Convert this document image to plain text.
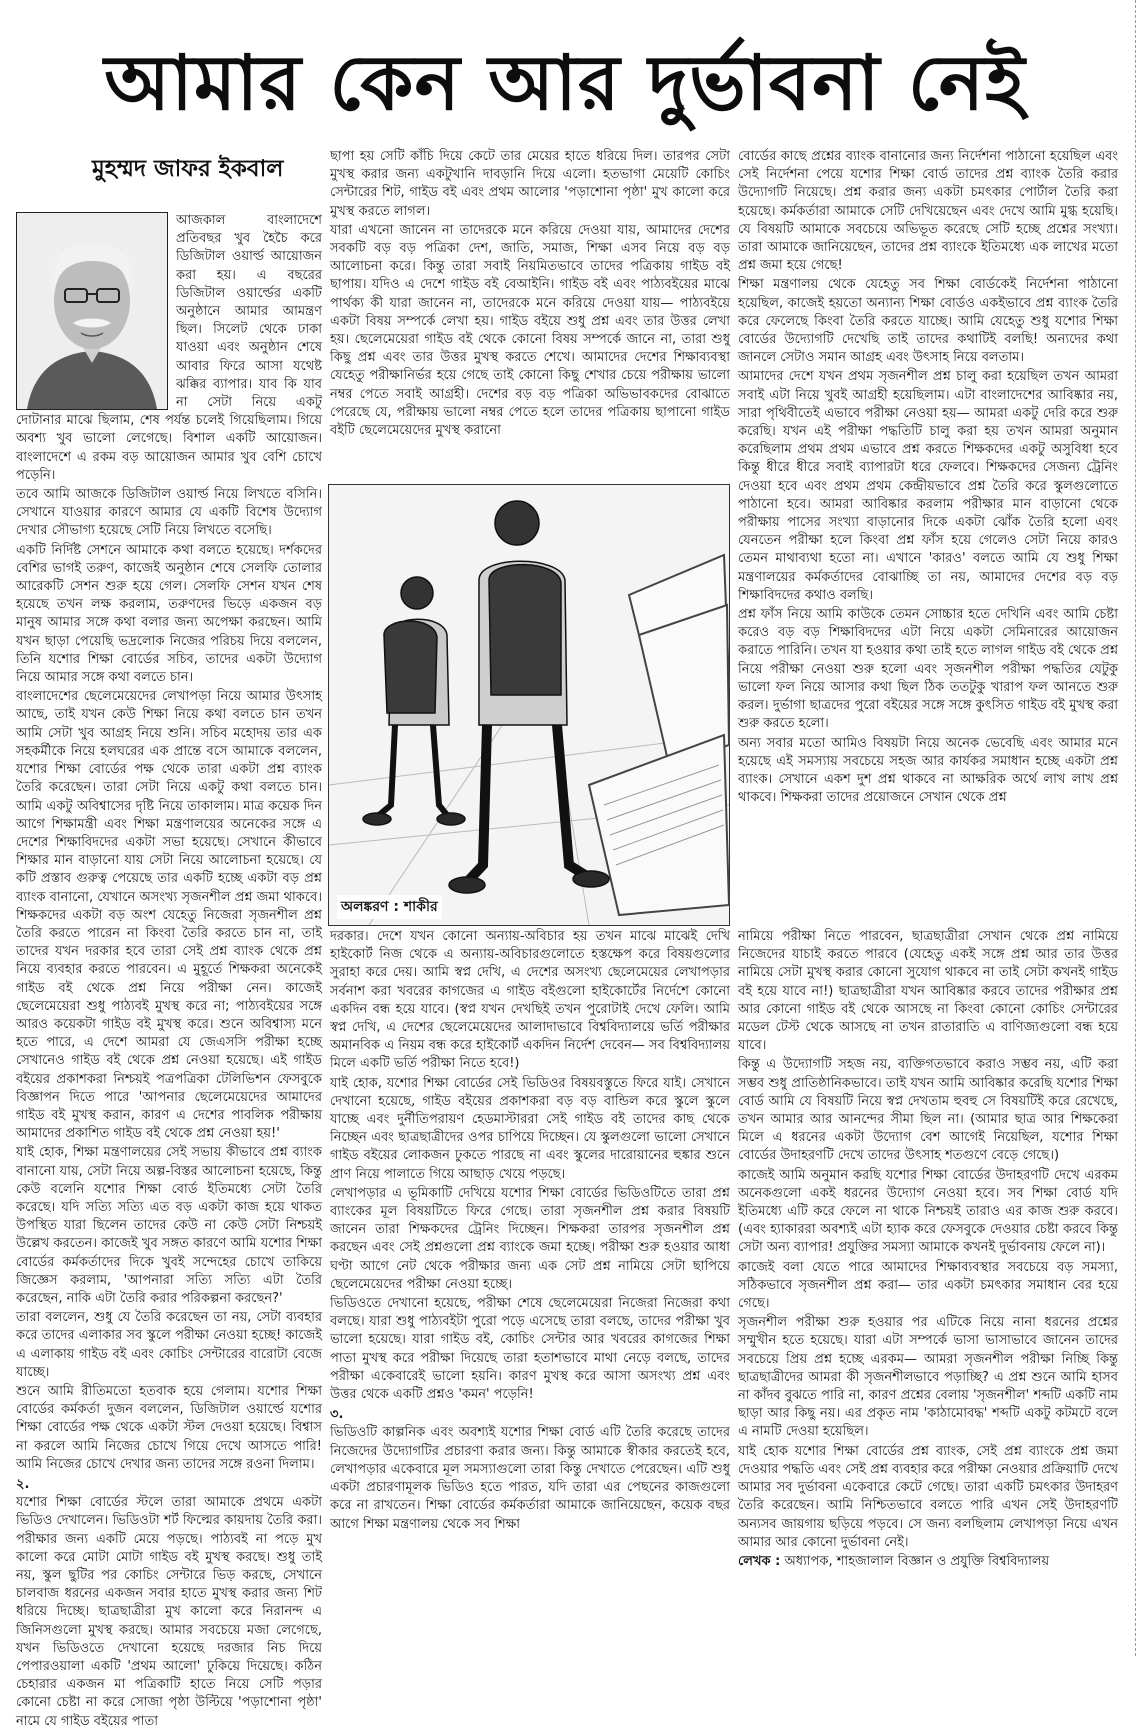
আমার কেন আর দুর্ভাবনা নেই
মুহম্মদ জাফর ইকবাল

আজকাল বাংলাদেশে প্রতিবছর খুব হৈচৈ করে ডিজিটাল ওয়ার্ল্ড আয়োজন করা হয়। এ বছরের ডিজিটাল ওয়ার্ল্ডের একটি অনুষ্ঠানে আমার আমন্ত্রণ ছিল। সিলেট থেকে ঢাকা যাওয়া এবং অনুষ্ঠান শেষে আবার ফিরে আসা যথেষ্ট ঝক্কির ব্যাপার। যাব কি যাব না সেটা নিয়ে একটু দোটানার মাঝে ছিলাম, শেষ পর্যন্ত চলেই গিয়েছিলাম। গিয়ে অবশ্য খুব ভালো লেগেছে। বিশাল একটি আয়োজন। বাংলাদেশে এ রকম বড় আয়োজন আমার খুব বেশি চোখে পড়েনি।

তবে আমি আজকে ডিজিটাল ওয়ার্ল্ড নিয়ে লিখতে বসিনি। সেখানে যাওয়ার কারণে আমার যে একটি বিশেষ উদ্যোগ দেখার সৌভাগ্য হয়েছে সেটি নিয়ে লিখতে বসেছি।

একটি নির্দিষ্ট সেশনে আমাকে কথা বলতে হয়েছে। দর্শকদের বেশির ভাগই তরুণ, কাজেই অনুষ্ঠান শেষে সেলফি তোলার আরেকটি সেশন শুরু হয়ে গেল। সেলফি সেশন যখন শেষ হয়েছে তখন লক্ষ করলাম, তরুণদের ভিড়ে একজন বড় মানুষ আমার সঙ্গে কথা বলার জন্য অপেক্ষা করছেন। আমি যখন ছাড়া পেয়েছি ভদ্রলোক নিজের পরিচয় দিয়ে বললেন, তিনি যশোর শিক্ষা বোর্ডের সচিব, তাদের একটা উদ্যোগ নিয়ে আমার সঙ্গে কথা বলতে চান।

বাংলাদেশের ছেলেমেয়েদের লেখাপড়া নিয়ে আমার উৎসাহ আছে, তাই যখন কেউ শিক্ষা নিয়ে কথা বলতে চান তখন আমি সেটা খুব আগ্রহ নিয়ে শুনি। সচিব মহোদয় তার এক সহকর্মীকে নিয়ে হলঘরের এক প্রান্তে বসে আমাকে বললেন, যশোর শিক্ষা বোর্ডের পক্ষ থেকে তারা একটা প্রশ্ন ব্যাংক তৈরি করেছেন। তারা সেটা নিয়ে একটু কথা বলতে চান। আমি একটু অবিশ্বাসের দৃষ্টি নিয়ে তাকালাম। মাত্র কয়েক দিন আগে শিক্ষামন্ত্রী এবং শিক্ষা মন্ত্রণালয়ের অনেকের সঙ্গে এ দেশের শিক্ষাবিদদের একটা সভা হয়েছে। সেখানে কীভাবে শিক্ষার মান বাড়ানো যায় সেটা নিয়ে আলোচনা হয়েছে। যে কটি প্রস্তাব গুরুত্ব পেয়েছে তার একটি হচ্ছে একটা বড় প্রশ্ন ব্যাংক বানানো, যেখানে অসংখ্য সৃজনশীল প্রশ্ন জমা থাকবে। শিক্ষকদের একটা বড় অংশ যেহেতু নিজেরা সৃজনশীল প্রশ্ন তৈরি করতে পারেন না কিংবা তৈরি করতে চান না, তাই তাদের যখন দরকার হবে তারা সেই প্রশ্ন ব্যাংক থেকে প্রশ্ন নিয়ে ব্যবহার করতে পারবেন। এ মুহূর্তে শিক্ষকরা অনেকেই গাইড বই থেকে প্রশ্ন নিয়ে পরীক্ষা নেন। কাজেই ছেলেমেয়েরা শুধু পাঠ্যবই মুখস্থ করে না; পাঠ্যবইয়ের সঙ্গে আরও কয়েকটা গাইড বই মুখস্থ করে। শুনে অবিশ্বাস্য মনে হতে পারে, এ দেশে আমরা যে জেএসসি পরীক্ষা হচ্ছে সেখানেও গাইড বই থেকে প্রশ্ন নেওয়া হয়েছে। এই গাইড বইয়ের প্রকাশকরা নিশ্চয়ই পত্রপত্রিকা টেলিভিশন ফেসবুকে বিজ্ঞাপন দিতে পারে 'আপনার ছেলেমেয়েদের আমাদের গাইড বই মুখস্থ করান, কারণ এ দেশের পাবলিক পরীক্ষায় আমাদের প্রকাশিত গাইড বই থেকে প্রশ্ন নেওয়া হয়!'

যাই হোক, শিক্ষা মন্ত্রণালয়ের সেই সভায় কীভাবে প্রশ্ন ব্যাংক বানানো যায়, সেটা নিয়ে অল্প-বিস্তর আলোচনা হয়েছে, কিন্তু কেউ বলেনি যশোর শিক্ষা বোর্ড ইতিমধ্যে সেটা তৈরি করেছে। যদি সত্যি সত্যি এত বড় একটা কাজ হয়ে থাকত উপস্থিত যারা ছিলেন তাদের কেউ না কেউ সেটা নিশ্চয়ই উল্লেখ করতেন। কাজেই খুব সঙ্গত কারণে আমি যশোর শিক্ষা বোর্ডের কর্মকর্তাদের দিকে খুবই সন্দেহের চোখে তাকিয়ে জিজ্ঞেস করলাম, 'আপনারা সত্যি সত্যি এটা তৈরি করেছেন, নাকি এটা তৈরি করার পরিকল্পনা করছেন?'

তারা বললেন, শুধু যে তৈরি করেছেন তা নয়, সেটা ব্যবহার করে তাদের এলাকার সব স্কুলে পরীক্ষা নেওয়া হচ্ছে! কাজেই এ এলাকায় গাইড বই এবং কোচিং সেন্টারের বারোটা বেজে যাচ্ছে।

শুনে আমি রীতিমতো হতবাক হয়ে গেলাম। যশোর শিক্ষা বোর্ডের কর্মকর্তা দুজন বললেন, ডিজিটাল ওয়ার্ল্ডে যশোর শিক্ষা বোর্ডের পক্ষ থেকে একটা স্টল দেওয়া হয়েছে। বিশ্বাস না করলে আমি নিজের চোখে গিয়ে দেখে আসতে পারি! আমি নিজের চোখে দেখার জন্য তাদের সঙ্গে রওনা দিলাম।

২.

যশোর শিক্ষা বোর্ডের স্টলে তারা আমাকে প্রথমে একটা ভিডিও দেখালেন। ভিডিওটা শর্ট ফিল্মের কায়দায় তৈরি করা। পরীক্ষার জন্য একটি মেয়ে পড়ছে। পাঠ্যবই না পড়ে মুখ কালো করে মোটা মোটা গাইড বই মুখস্থ করছে। শুধু তাই নয়, স্কুল ছুটির পর কোচিং সেন্টারে ভিড় করছে, সেখানে চালবাজ ধরনের একজন সবার হাতে মুখস্থ করার জন্য শিট ধরিয়ে দিচ্ছে। ছাত্রছাত্রীরা মুখ কালো করে নিরানন্দ এ জিনিসগুলো মুখস্থ করছে। আমার সবচেয়ে মজা লেগেছে, যখন ভিডিওতে দেখানো হয়েছে দরজার নিচ দিয়ে পেপারওয়ালা একটি 'প্রথম আলো' ঢুকিয়ে দিয়েছে। কঠিন চেহারার একজন মা পত্রিকাটি হাতে নিয়ে সেটি পড়ার কোনো চেষ্টা না করে সোজা পৃষ্ঠা উল্টিয়ে 'পড়াশোনা পৃষ্ঠা' নামে যে গাইড বইয়ের পাতা

ছাপা হয় সেটি কাঁচি দিয়ে কেটে তার মেয়ের হাতে ধরিয়ে দিল। তারপর সেটা মুখস্থ করার জন্য একটুখানি দাবড়ানি দিয়ে এলো। হতভাগা মেয়েটি কোচিং সেন্টারের শিট, গাইড বই এবং প্রথম আলোর 'পড়াশোনা পৃষ্ঠা' মুখ কালো করে মুখস্থ করতে লাগল।

যারা এখনো জানেন না তাদেরকে মনে করিয়ে দেওয়া যায়, আমাদের দেশের সবকটি বড় বড় পত্রিকা দেশ, জাতি, সমাজ, শিক্ষা এসব নিয়ে বড় বড় আলোচনা করে। কিন্তু তারা সবাই নিয়মিতভাবে তাদের পত্রিকায় গাইড বই ছাপায়। যদিও এ দেশে গাইড বই বেআইনি। গাইড বই এবং পাঠ্যবইয়ের মাঝে পার্থক্য কী যারা জানেন না, তাদেরকে মনে করিয়ে দেওয়া যায়— পাঠ্যবইয়ে একটা বিষয় সম্পর্কে লেখা হয়। গাইড বইয়ে শুধু প্রশ্ন এবং তার উত্তর লেখা হয়। ছেলেমেয়েরা গাইড বই থেকে কোনো বিষয় সম্পর্কে জানে না, তারা শুধু কিছু প্রশ্ন এবং তার উত্তর মুখস্থ করতে শেখে। আমাদের দেশের শিক্ষাব্যবস্থা যেহেতু পরীক্ষানির্ভর হয়ে গেছে তাই কোনো কিছু শেখার চেয়ে পরীক্ষায় ভালো নম্বর পেতে সবাই আগ্রহী। দেশের বড় বড় পত্রিকা অভিভাবকদের বোঝাতে পেরেছে যে, পরীক্ষায় ভালো নম্বর পেতে হলে তাদের পত্রিকায় ছাপানো গাইড বইটি ছেলেমেয়েদের মুখস্থ করানো

অলঙ্করণ : শাকীর

দরকার। দেশে যখন কোনো অন্যায়-অবিচার হয় তখন মাঝে মাঝেই দেখি হাইকোর্ট নিজ থেকে এ অন্যায়-অবিচারগুলোতে হস্তক্ষেপ করে বিষয়গুলোর সুরাহা করে দেয়। আমি স্বপ্ন দেখি, এ দেশের অসংখ্য ছেলেমেয়ের লেখাপড়ার সর্বনাশ করা খবরের কাগজের এ গাইড বইগুলো হাইকোর্টের নির্দেশে কোনো একদিন বন্ধ হয়ে যাবে। (স্বপ্ন যখন দেখছিই তখন পুরোটাই দেখে ফেলি। আমি স্বপ্ন দেখি, এ দেশের ছেলেমেয়েদের আলাদাভাবে বিশ্ববিদ্যালয়ে ভর্তি পরীক্ষার অমানবিক এ নিয়ম বন্ধ করে হাইকোর্ট একদিন নির্দেশ দেবেন— সব বিশ্ববিদ্যালয় মিলে একটি ভর্তি পরীক্ষা নিতে হবে!)

যাই হোক, যশোর শিক্ষা বোর্ডের সেই ভিডিওর বিষয়বস্তুতে ফিরে যাই। সেখানে দেখানো হয়েছে, গাইড বইয়ের প্রকাশকরা বড় বড় বান্ডিল করে স্কুলে স্কুলে যাচ্ছে এবং দুর্নীতিপরায়ণ হেডমাস্টাররা সেই গাইড বই তাদের কাছ থেকে নিচ্ছেন এবং ছাত্রছাত্রীদের ওপর চাপিয়ে দিচ্ছেন। যে স্কুলগুলো ভালো সেখানে গাইড বইয়ের লোকজন ঢুকতে পারছে না এবং স্কুলের দারোয়ানের হুঙ্কার শুনে প্রাণ নিয়ে পালাতে গিয়ে আছাড় খেয়ে পড়ছে।

লেখাপড়ার এ ভূমিকাটি দেখিয়ে যশোর শিক্ষা বোর্ডের ভিডিওটিতে তারা প্রশ্ন ব্যাংকের মূল বিষয়টিতে ফিরে গেছে। তারা সৃজনশীল প্রশ্ন করার বিষয়টি জানেন তারা শিক্ষকদের ট্রেনিং দিচ্ছেন। শিক্ষকরা তারপর সৃজনশীল প্রশ্ন করছেন এবং সেই প্রশ্নগুলো প্রশ্ন ব্যাংকে জমা হচ্ছে। পরীক্ষা শুরু হওয়ার আধা ঘণ্টা আগে নেট থেকে পরীক্ষার জন্য এক সেট প্রশ্ন নামিয়ে সেটা ছাপিয়ে ছেলেমেয়েদের পরীক্ষা নেওয়া হচ্ছে।

ভিডিওতে দেখানো হয়েছে, পরীক্ষা শেষে ছেলেমেয়েরা নিজেরা নিজেরা কথা বলছে। যারা শুধু পাঠ্যবইটা পুরো পড়ে এসেছে তারা বলছে, তাদের পরীক্ষা খুব ভালো হয়েছে। যারা গাইড বই, কোচিং সেন্টার আর খবরের কাগজের শিক্ষা পাতা মুখস্থ করে পরীক্ষা দিয়েছে তারা হতাশভাবে মাথা নেড়ে বলছে, তাদের পরীক্ষা একেবারেই ভালো হয়নি। কারণ মুখস্থ করে আসা অসংখ্য প্রশ্ন এবং উত্তর থেকে একটি প্রশ্নও 'কমন' পড়েনি!

৩.

ভিডিওটি কাল্পনিক এবং অবশ্যই যশোর শিক্ষা বোর্ড এটি তৈরি করেছে তাদের নিজেদের উদ্যোগটির প্রচারণা করার জন্য। কিন্তু আমাকে স্বীকার করতেই হবে, লেখাপড়ার একেবারে মূল সমস্যাগুলো তারা কিন্তু দেখাতে পেরেছেন। এটি শুধু একটা প্রচারণামূলক ভিডিও হতে পারত, যদি তারা এর পেছনের কাজগুলো করে না রাখতেন। শিক্ষা বোর্ডের কর্মকর্তারা আমাকে জানিয়েছেন, কয়েক বছর আগে শিক্ষা মন্ত্রণালয় থেকে সব শিক্ষা

বোর্ডের কাছে প্রশ্নের ব্যাংক বানানোর জন্য নির্দেশনা পাঠানো হয়েছিল এবং সেই নির্দেশনা পেয়ে যশোর শিক্ষা বোর্ড তাদের প্রশ্ন ব্যাংক তৈরি করার উদ্যোগটি নিয়েছে। প্রশ্ন করার জন্য একটা চমৎকার পোর্টাল তৈরি করা হয়েছে। কর্মকর্তারা আমাকে সেটি দেখিয়েছেন এবং দেখে আমি মুগ্ধ হয়েছি। যে বিষয়টি আমাকে সবচেয়ে অভিভূত করেছে সেটি হচ্ছে প্রশ্নের সংখ্যা। তারা আমাকে জানিয়েছেন, তাদের প্রশ্ন ব্যাংকে ইতিমধ্যে এক লাখের মতো প্রশ্ন জমা হয়ে গেছে!

শিক্ষা মন্ত্রণালয় থেকে যেহেতু সব শিক্ষা বোর্ডকেই নির্দেশনা পাঠানো হয়েছিল, কাজেই হয়তো অন্যান্য শিক্ষা বোর্ডও একইভাবে প্রশ্ন ব্যাংক তৈরি করে ফেলেছে কিংবা তৈরি করতে যাচ্ছে। আমি যেহেতু শুধু যশোর শিক্ষা বোর্ডের উদ্যোগটি দেখেছি তাই তাদের কথাটিই বলছি! অন্যদের কথা জানলে সেটাও সমান আগ্রহ এবং উৎসাহ নিয়ে বলতাম।

আমাদের দেশে যখন প্রথম সৃজনশীল প্রশ্ন চালু করা হয়েছিল তখন আমরা সবাই এটা নিয়ে খুবই আগ্রহী হয়েছিলাম। এটা বাংলাদেশের আবিষ্কার নয়, সারা পৃথিবীতেই এভাবে পরীক্ষা নেওয়া হয়— আমরা একটু দেরি করে শুরু করেছি। যখন এই পরীক্ষা পদ্ধতিটি চালু করা হয় তখন আমরা অনুমান করেছিলাম প্রথম প্রথম এভাবে প্রশ্ন করতে শিক্ষকদের একটু অসুবিধা হবে কিন্তু ধীরে ধীরে সবাই ব্যাপারটা ধরে ফেলবে। শিক্ষকদের সেজন্য ট্রেনিং দেওয়া হবে এবং প্রথম প্রথম কেন্দ্রীয়ভাবে প্রশ্ন তৈরি করে স্কুলগুলোতে পাঠানো হবে। আমরা আবিষ্কার করলাম পরীক্ষার মান বাড়ানো থেকে পরীক্ষায় পাসের সংখ্যা বাড়ানোর দিকে একটা ঝোঁক তৈরি হলো এবং যেনতেন পরীক্ষা হলে কিংবা প্রশ্ন ফাঁস হয়ে গেলেও সেটা নিয়ে কারও তেমন মাথাব্যথা হতো না। এখানে 'কারও' বলতে আমি যে শুধু শিক্ষা মন্ত্রণালয়ের কর্মকর্তাদের বোঝাচ্ছি তা নয়, আমাদের দেশের বড় বড় শিক্ষাবিদদের কথাও বলছি।

প্রশ্ন ফাঁস নিয়ে আমি কাউকে তেমন সোচ্চার হতে দেখিনি এবং আমি চেষ্টা করেও বড় বড় শিক্ষাবিদদের এটা নিয়ে একটা সেমিনারের আয়োজন করাতে পারিনি। তখন যা হওয়ার কথা তাই হতে লাগল গাইড বই থেকে প্রশ্ন নিয়ে পরীক্ষা নেওয়া শুরু হলো এবং সৃজনশীল পরীক্ষা পদ্ধতির যেটুকু ভালো ফল নিয়ে আসার কথা ছিল ঠিক ততটুকু খারাপ ফল আনতে শুরু করল। দুর্ভাগা ছাত্রদের পুরো বইয়ের সঙ্গে সঙ্গে কুৎসিত গাইড বই মুখস্থ করা শুরু করতে হলো।

অন্য সবার মতো আমিও বিষয়টা নিয়ে অনেক ভেবেছি এবং আমার মনে হয়েছে এই সমস্যায় সবচেয়ে সহজ আর কার্যকর সমাধান হচ্ছে একটা প্রশ্ন ব্যাংক। সেখানে একশ দুশ প্রশ্ন থাকবে না আক্ষরিক অর্থে লাখ লাখ প্রশ্ন থাকবে। শিক্ষকরা তাদের প্রয়োজনে সেখান থেকে প্রশ্ন

নামিয়ে পরীক্ষা নিতে পারবেন, ছাত্রছাত্রীরা সেখান থেকে প্রশ্ন নামিয়ে নিজেদের যাচাই করতে পারবে (যেহেতু একই সঙ্গে প্রশ্ন আর তার উত্তর নামিয়ে সেটা মুখস্থ করার কোনো সুযোগ থাকবে না তাই সেটা কখনই গাইড বই হয়ে যাবে না!) ছাত্রছাত্রীরা যখন আবিষ্কার করবে তাদের পরীক্ষার প্রশ্ন আর কোনো গাইড বই থেকে আসছে না কিংবা কোনো কোচিং সেন্টারের মডেল টেস্ট থেকে আসছে না তখন রাতারাতি এ বাণিজ্যগুলো বন্ধ হয়ে যাবে।

কিন্তু এ উদ্যোগটি সহজ নয়, ব্যক্তিগতভাবে করাও সম্ভব নয়, এটি করা সম্ভব শুধু প্রাতিষ্ঠানিকভাবে। তাই যখন আমি আবিষ্কার করেছি যশোর শিক্ষা বোর্ড আমি যে বিষয়টি নিয়ে স্বপ্ন দেখতাম হুবহু সে বিষয়টিই করে রেখেছে, তখন আমার আর আনন্দের সীমা ছিল না। (আমার ছাত্র আর শিক্ষকেরা মিলে এ ধরনের একটা উদ্যোগ বেশ আগেই নিয়েছিল, যশোর শিক্ষা বোর্ডের উদাহরণটি দেখে তাদের উৎসাহ শতগুণে বেড়ে গেছে।)

কাজেই আমি অনুমান করছি যশোর শিক্ষা বোর্ডের উদাহরণটি দেখে এরকম অনেকগুলো একই ধরনের উদ্যোগ নেওয়া হবে। সব শিক্ষা বোর্ড যদি ইতিমধ্যে এটি করে ফেলে না থাকে নিশ্চয়ই তারাও এর কাজ শুরু করবে। (এবং হ্যাকাররা অবশ্যই এটা হ্যাক করে ফেসবুকে দেওয়ার চেষ্টা করবে কিন্তু সেটা অন্য ব্যাপার! প্রযুক্তির সমস্যা আমাকে কখনই দুর্ভাবনায় ফেলে না)।

কাজেই বলা যেতে পারে আমাদের শিক্ষাব্যবস্থার সবচেয়ে বড় সমস্যা, সঠিকভাবে সৃজনশীল প্রশ্ন করা— তার একটা চমৎকার সমাধান বের হয়ে গেছে।

সৃজনশীল পরীক্ষা শুরু হওয়ার পর এটিকে নিয়ে নানা ধরনের প্রশ্নের সম্মুখীন হতে হয়েছে। যারা এটা সম্পর্কে ভাসা ভাসাভাবে জানেন তাদের সবচেয়ে প্রিয় প্রশ্ন হচ্ছে এরকম— আমরা সৃজনশীল পরীক্ষা নিচ্ছি কিন্তু ছাত্রছাত্রীদের আমরা কী সৃজনশীলভাবে পড়াচ্ছি? এ প্রশ্ন শুনে আমি হাসব না কাঁদব বুঝতে পারি না, কারণ প্রশ্নের বেলায় 'সৃজনশীল' শব্দটি একটি নাম ছাড়া আর কিছু নয়। এর প্রকৃত নাম 'কাঠামোবদ্ধ' শব্দটি একটু কটমটে বলে এ নামটি দেওয়া হয়েছিল।

যাই হোক যশোর শিক্ষা বোর্ডের প্রশ্ন ব্যাংক, সেই প্রশ্ন ব্যাংকে প্রশ্ন জমা দেওয়ার পদ্ধতি এবং সেই প্রশ্ন ব্যবহার করে পরীক্ষা নেওয়ার প্রক্রিয়াটি দেখে আমার সব দুর্ভাবনা একেবারে কেটে গেছে। তারা একটি চমৎকার উদাহরণ তৈরি করেছেন। আমি নিশ্চিতভাবে বলতে পারি এখন সেই উদাহরণটি অন্যসব জায়গায় ছড়িয়ে পড়বে। সে জন্য বলছিলাম লেখাপড়া নিয়ে এখন আমার আর কোনো দুর্ভাবনা নেই।

লেখক : অধ্যাপক, শাহজালাল বিজ্ঞান ও প্রযুক্তি বিশ্ববিদ্যালয়
